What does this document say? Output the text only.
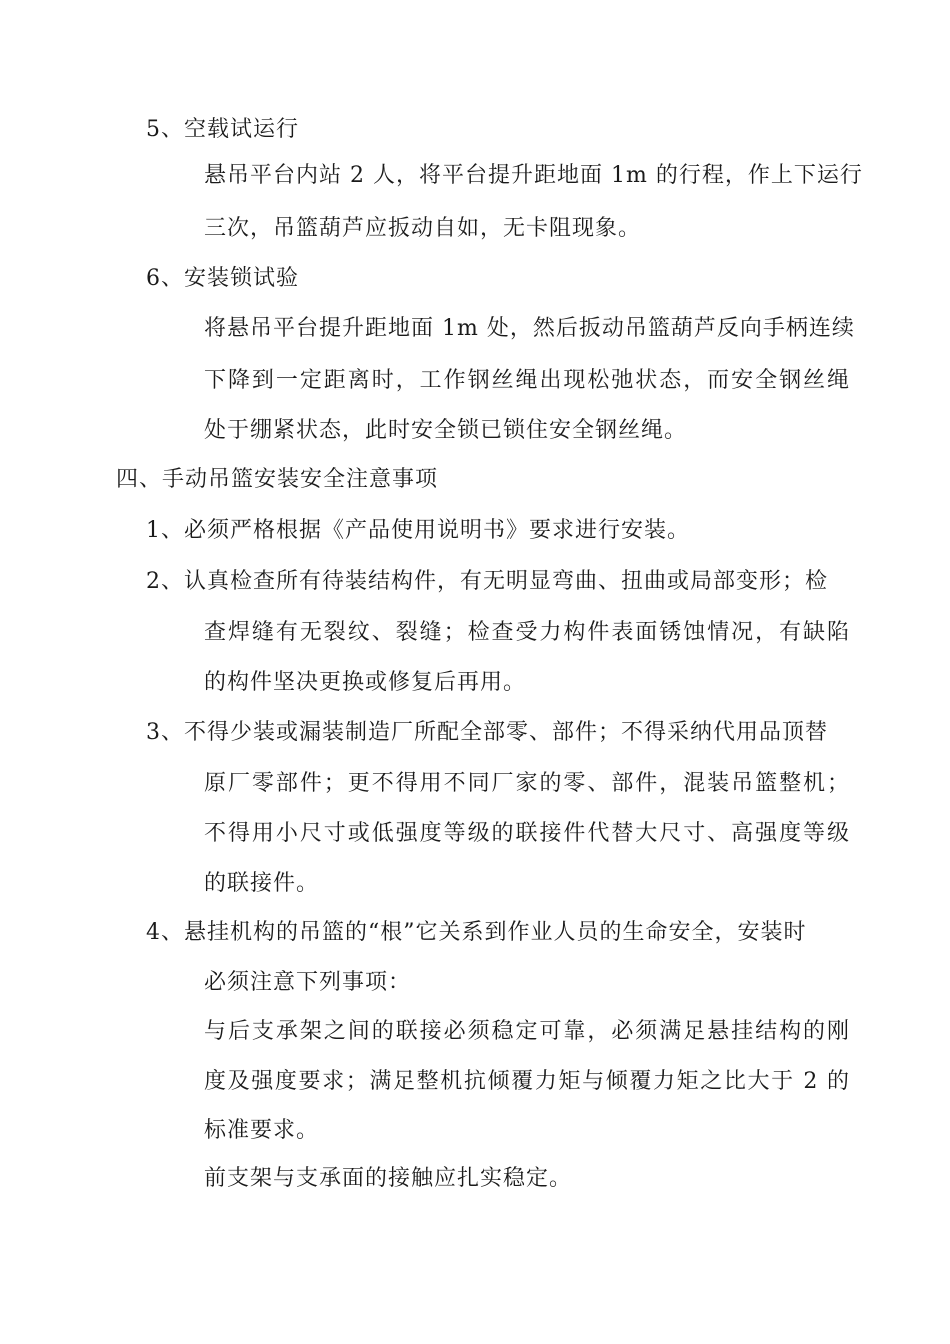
5、空载试运行
悬吊平台内站 2 人，将平台提升距地面 1m 的行程，作上下运行
三次，吊篮葫芦应扳动自如，无卡阻现象。
6、安装锁试验
将悬吊平台提升距地面 1m 处，然后扳动吊篮葫芦反向手柄连续
下降到一定距离时，工作钢丝绳出现松弛状态，而安全钢丝绳
处于绷紧状态，此时安全锁已锁住安全钢丝绳。
四、手动吊篮安装安全注意事项
1、必须严格根据《产品使用说明书》要求进行安装。
2、认真检查所有待装结构件，有无明显弯曲、扭曲或局部变形；检
查焊缝有无裂纹、裂缝；检查受力构件表面锈蚀情况，有缺陷
的构件坚决更换或修复后再用。
3、不得少装或漏装制造厂所配全部零、部件；不得采纳代用品顶替
原厂零部件；更不得用不同厂家的零、部件，混装吊篮整机；
不得用小尺寸或低强度等级的联接件代替大尺寸、高强度等级
的联接件。
4、悬挂机构的吊篮的“根”它关系到作业人员的生命安全，安装时
必须注意下列事项：
与后支承架之间的联接必须稳定可靠，必须满足悬挂结构的刚
度及强度要求；满足整机抗倾覆力矩与倾覆力矩之比大于 2 的
标准要求。
前支架与支承面的接触应扎实稳定。
